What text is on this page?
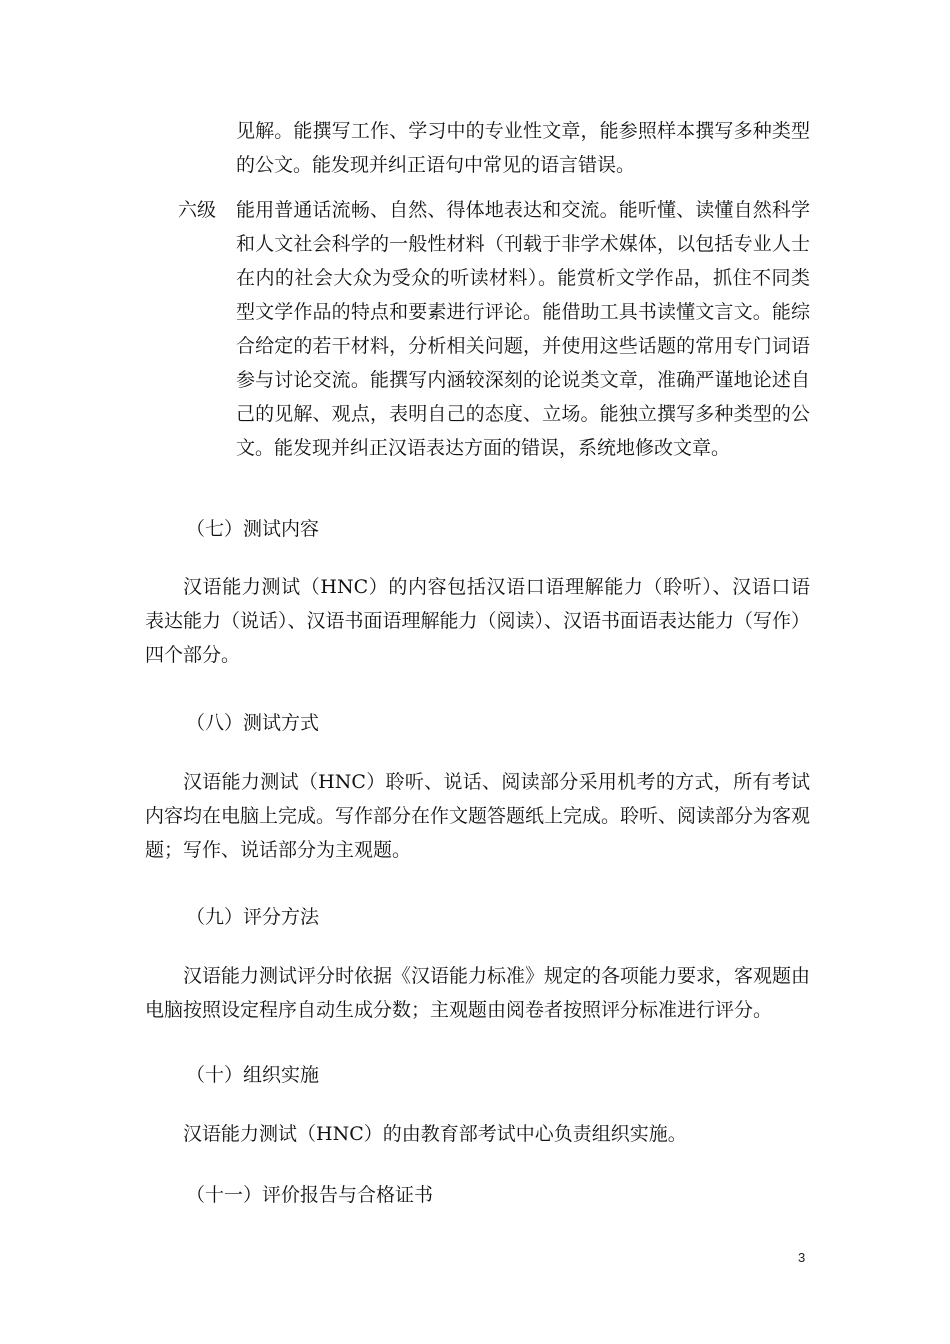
见解。能撰写工作、学习中的专业性文章，能参照样本撰写多种类型的公文。能发现并纠正语句中常见的语言错误。

六级 能用普通话流畅、自然、得体地表达和交流。能听懂、读懂自然科学和人文社会科学的一般性材料（刊载于非学术媒体，以包括专业人士在内的社会大众为受众的听读材料）。能赏析文学作品，抓住不同类型文学作品的特点和要素进行评论。能借助工具书读懂文言文。能综合给定的若干材料，分析相关问题，并使用这些话题的常用专门词语参与讨论交流。能撰写内涵较深刻的论说类文章，准确严谨地论述自己的见解、观点，表明自己的态度、立场。能独立撰写多种类型的公文。能发现并纠正汉语表达方面的错误，系统地修改文章。

（七）测试内容

汉语能力测试（HNC）的内容包括汉语口语理解能力（聆听）、汉语口语表达能力（说话）、汉语书面语理解能力（阅读）、汉语书面语表达能力（写作）四个部分。

（八）测试方式

汉语能力测试（HNC）聆听、说话、阅读部分采用机考的方式，所有考试内容均在电脑上完成。写作部分在作文题答题纸上完成。聆听、阅读部分为客观题；写作、说话部分为主观题。

（九）评分方法

汉语能力测试评分时依据《汉语能力标准》规定的各项能力要求，客观题由电脑按照设定程序自动生成分数；主观题由阅卷者按照评分标准进行评分。

（十）组织实施

汉语能力测试（HNC）的由教育部考试中心负责组织实施。

（十一）评价报告与合格证书

3
